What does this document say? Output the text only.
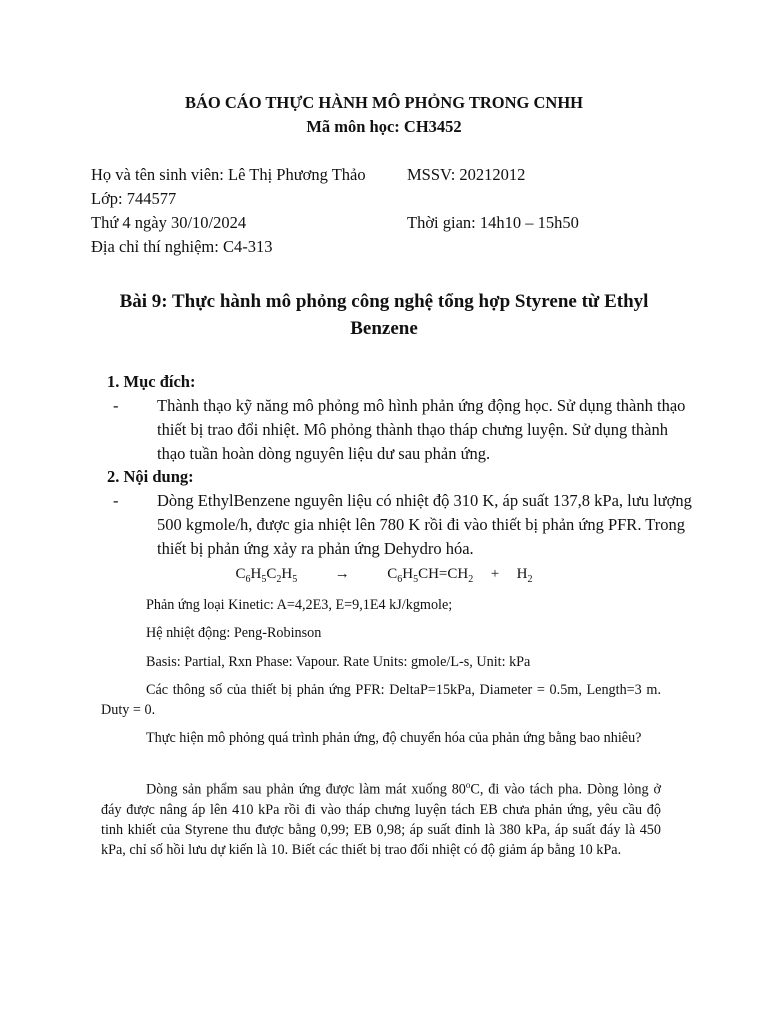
BÁO CÁO THỰC HÀNH MÔ PHỎNG TRONG CNHH
Mã môn học: CH3452
Họ và tên sinh viên: Lê Thị Phương Thảo	MSSV: 20212012
Lớp: 744577
Thứ 4 ngày 30/10/2024	Thời gian: 14h10 – 15h50
Địa chỉ thí nghiệm: C4-313
Bài 9: Thực hành mô phỏng công nghệ tổng hợp Styrene từ Ethyl
Benzene
1. Mục đích:
- Thành thạo kỹ năng mô phỏng mô hình phản ứng động học. Sử dụng thành thạo thiết bị trao đổi nhiệt. Mô phỏng thành thạo tháp chưng luyện. Sử dụng thành thạo tuần hoàn dòng nguyên liệu dư sau phản ứng.
2. Nội dung:
- Dòng EthylBenzene nguyên liệu có nhiệt độ 310 K, áp suất 137,8 kPa, lưu lượng 500 kgmole/h, được gia nhiệt lên 780 K rồi đi vào thiết bị phản ứng PFR. Trong thiết bị phản ứng xảy ra phản ứng Dehydro hóa.
$C_6H_5C_2H_5$	→	$C_6H_5CH=CH_2 + H_2$
Phản ứng loại Kinetic: A=4,2E3, E=9,1E4 kJ/kgmole;
Hệ nhiệt động: Peng-Robinson
Basis: Partial, Rxn Phase: Vapour. Rate Units: gmole/L-s, Unit: kPa
Các thông số của thiết bị phản ứng PFR: DeltaP=15kPa, Diameter = 0.5m, Length=3 m. Duty = 0.
Thực hiện mô phỏng quá trình phản ứng, độ chuyển hóa của phản ứng bằng bao nhiêu?
Dòng sản phẩm sau phản ứng được làm mát xuống 80$^o$C, đi vào tách pha. Dòng lỏng ở đáy được nâng áp lên 410 kPa rồi đi vào tháp chưng luyện tách EB chưa phản ứng, yêu cầu độ tinh khiết của Styrene thu được bằng 0,99; EB 0,98; áp suất đỉnh là 380 kPa, áp suất đáy là 450 kPa, chỉ số hồi lưu dự kiến là 10. Biết các thiết bị trao đổi nhiệt có độ giảm áp bằng 10 kPa.
